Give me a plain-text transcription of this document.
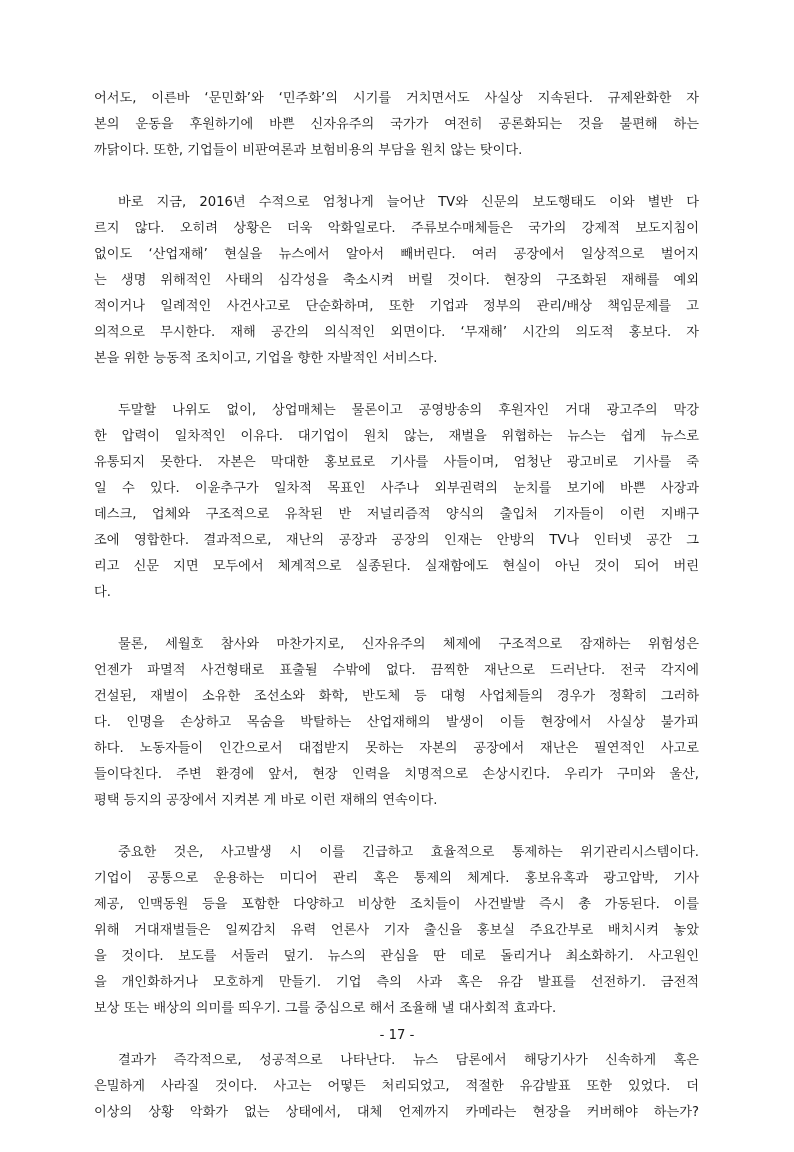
어서도, 이른바 ‘문민화’와 ‘민주화’의 시기를 거치면서도 사실상 지속된다. 규제완화한 자
본의 운동을 후원하기에 바쁜 신자유주의 국가가 여전히 공론화되는 것을 불편해 하는
까닭이다. 또한, 기업들이 비판여론과 보험비용의 부담을 원치 않는 탓이다.
바로 지금, 2016년 수적으로 엄청나게 늘어난 TV와 신문의 보도행태도 이와 별반 다
르지 않다. 오히려 상황은 더욱 악화일로다. 주류보수매체들은 국가의 강제적 보도지침이
없이도 ‘산업재해’ 현실을 뉴스에서 알아서 빼버린다. 여러 공장에서 일상적으로 벌어지
는 생명 위해적인 사태의 심각성을 축소시켜 버릴 것이다. 현장의 구조화된 재해를 예외
적이거나 일례적인 사건사고로 단순화하며, 또한 기업과 정부의 관리/배상 책임문제를 고
의적으로 무시한다. 재해 공간의 의식적인 외면이다. ‘무재해’ 시간의 의도적 홍보다. 자
본을 위한 능동적 조치이고, 기업을 향한 자발적인 서비스다.
두말할 나위도 없이, 상업매체는 물론이고 공영방송의 후원자인 거대 광고주의 막강
한 압력이 일차적인 이유다. 대기업이 원치 않는, 재벌을 위협하는 뉴스는 쉽게 뉴스로
유통되지 못한다. 자본은 막대한 홍보료로 기사를 사들이며, 엄청난 광고비로 기사를 죽
일 수 있다. 이윤추구가 일차적 목표인 사주나 외부권력의 눈치를 보기에 바쁜 사장과
데스크, 업체와 구조적으로 유착된 반 저널리즘적 양식의 출입처 기자들이 이런 지배구
조에 영합한다. 결과적으로, 재난의 공장과 공장의 인재는 안방의 TV나 인터넷 공간 그
리고 신문 지면 모두에서 체계적으로 실종된다. 실재함에도 현실이 아닌 것이 되어 버린
다.
물론, 세월호 참사와 마찬가지로, 신자유주의 체제에 구조적으로 잠재하는 위험성은
언젠가 파멸적 사건형태로 표출될 수밖에 없다. 끔찍한 재난으로 드러난다. 전국 각지에
건설된, 재벌이 소유한 조선소와 화학, 반도체 등 대형 사업체들의 경우가 정확히 그러하
다. 인명을 손상하고 목숨을 박탈하는 산업재해의 발생이 이들 현장에서 사실상 불가피
하다. 노동자들이 인간으로서 대접받지 못하는 자본의 공장에서 재난은 필연적인 사고로
들이닥친다. 주변 환경에 앞서, 현장 인력을 치명적으로 손상시킨다. 우리가 구미와 울산,
평택 등지의 공장에서 지켜본 게 바로 이런 재해의 연속이다.
중요한 것은, 사고발생 시 이를 긴급하고 효율적으로 통제하는 위기관리시스템이다.
기업이 공통으로 운용하는 미디어 관리 혹은 통제의 체계다. 홍보유혹과 광고압박, 기사
제공, 인맥동원 등을 포함한 다양하고 비상한 조치들이 사건발발 즉시 총 가동된다. 이를
위해 거대재벌들은 일찌감치 유력 언론사 기자 출신을 홍보실 주요간부로 배치시켜 놓았
을 것이다. 보도를 서둘러 덮기. 뉴스의 관심을 딴 데로 돌리거나 최소화하기. 사고원인
을 개인화하거나 모호하게 만들기. 기업 측의 사과 혹은 유감 발표를 선전하기. 금전적
보상 또는 배상의 의미를 띄우기. 그를 중심으로 해서 조율해 낼 대사회적 효과다.
결과가 즉각적으로, 성공적으로 나타난다. 뉴스 담론에서 해당기사가 신속하게 혹은
은밀하게 사라질 것이다. 사고는 어떻든 처리되었고, 적절한 유감발표 또한 있었다. 더
이상의 상황 악화가 없는 상태에서, 대체 언제까지 카메라는 현장을 커버해야 하는가?
- 17 -
